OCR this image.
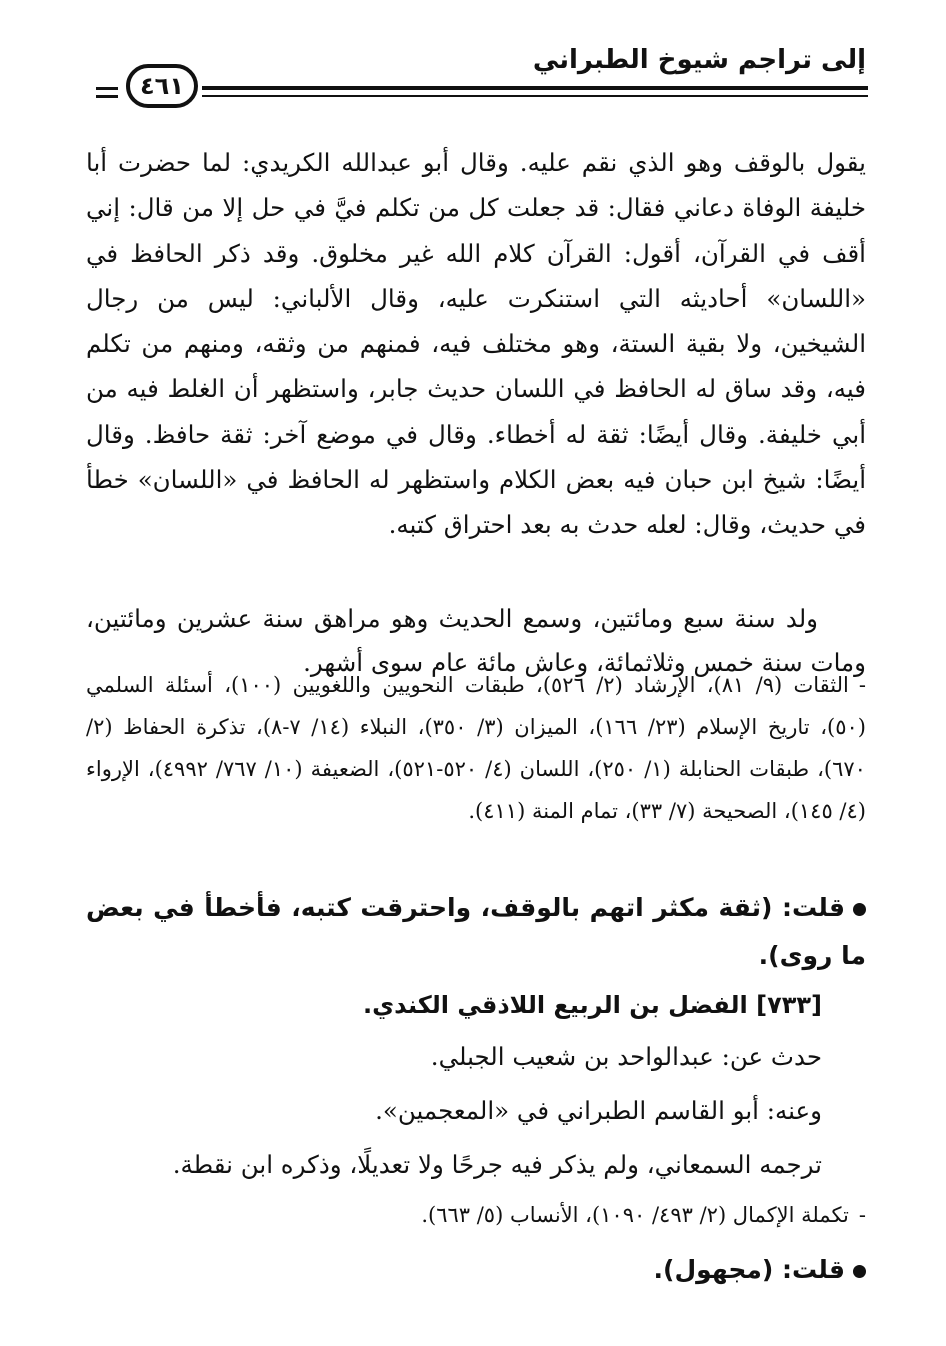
إلى تراجم شيوخ الطبراني
٤٦١

يقول بالوقف وهو الذي نقم عليه. وقال أبو عبدالله الكريدي: لما حضرت أبا خليفة الوفاة دعاني فقال: قد جعلت كل من تكلم فيَّ في حل إلا من قال: إني أقف في القرآن، أقول: القرآن كلام الله غير مخلوق. وقد ذكر الحافظ في «اللسان» أحاديثه التي استنكرت عليه، وقال الألباني: ليس من رجال الشيخين، ولا بقية الستة، وهو مختلف فيه، فمنهم من وثقه، ومنهم من تكلم فيه، وقد ساق له الحافظ في اللسان حديث جابر، واستظهر أن الغلط فيه من أبي خليفة. وقال أيضًا: ثقة له أخطاء. وقال في موضع آخر: ثقة حافظ. وقال أيضًا: شيخ ابن حبان فيه بعض الكلام واستظهر له الحافظ في «اللسان» خطأ في حديث، وقال: لعله حدث به بعد احتراق كتبه.

ولد سنة سبع ومائتين، وسمع الحديث وهو مراهق سنة عشرين ومائتين، ومات سنة خمس وثلاثمائة، وعاش مائة عام سوى أشهر.

-الثقات (٩/ ٨١)، الإرشاد (٢/ ٥٢٦)، طبقات النحويين واللغويين (١٠٠)، أسئلة السلمي (٥٠)، تاريخ الإسلام (٢٣/ ١٦٦)، الميزان (٣/ ٣٥٠)، النبلاء (١٤/ ٧-٨)، تذكرة الحفاظ (٢/ ٦٧٠)، طبقات الحنابلة (١/ ٢٥٠)، اللسان (٤/ ٥٢٠-٥٢١)، الضعيفة (١٠/ ٧٦٧/ ٤٩٩٢)، الإرواء (٤/ ١٤٥)، الصحيحة (٧/ ٣٣)، تمام المنة (٤١١).
قلت: (ثقة مكثر اتهم بالوقف، واحترقت كتبه، فأخطأ في بعض ما روى).
[٧٣٣] الفضل بن الربيع اللاذقي الكندي.
حدث عن: عبدالواحد بن شعيب الجبلي.
وعنه: أبو القاسم الطبراني في «المعجمين».
ترجمه السمعاني، ولم يذكر فيه جرحًا ولا تعديلًا، وذكره ابن نقطة.
-تكملة الإكمال (٢/ ٤٩٣/ ١٠٩٠)، الأنساب (٥/ ٦٦٣).
قلت: (مجهول).
